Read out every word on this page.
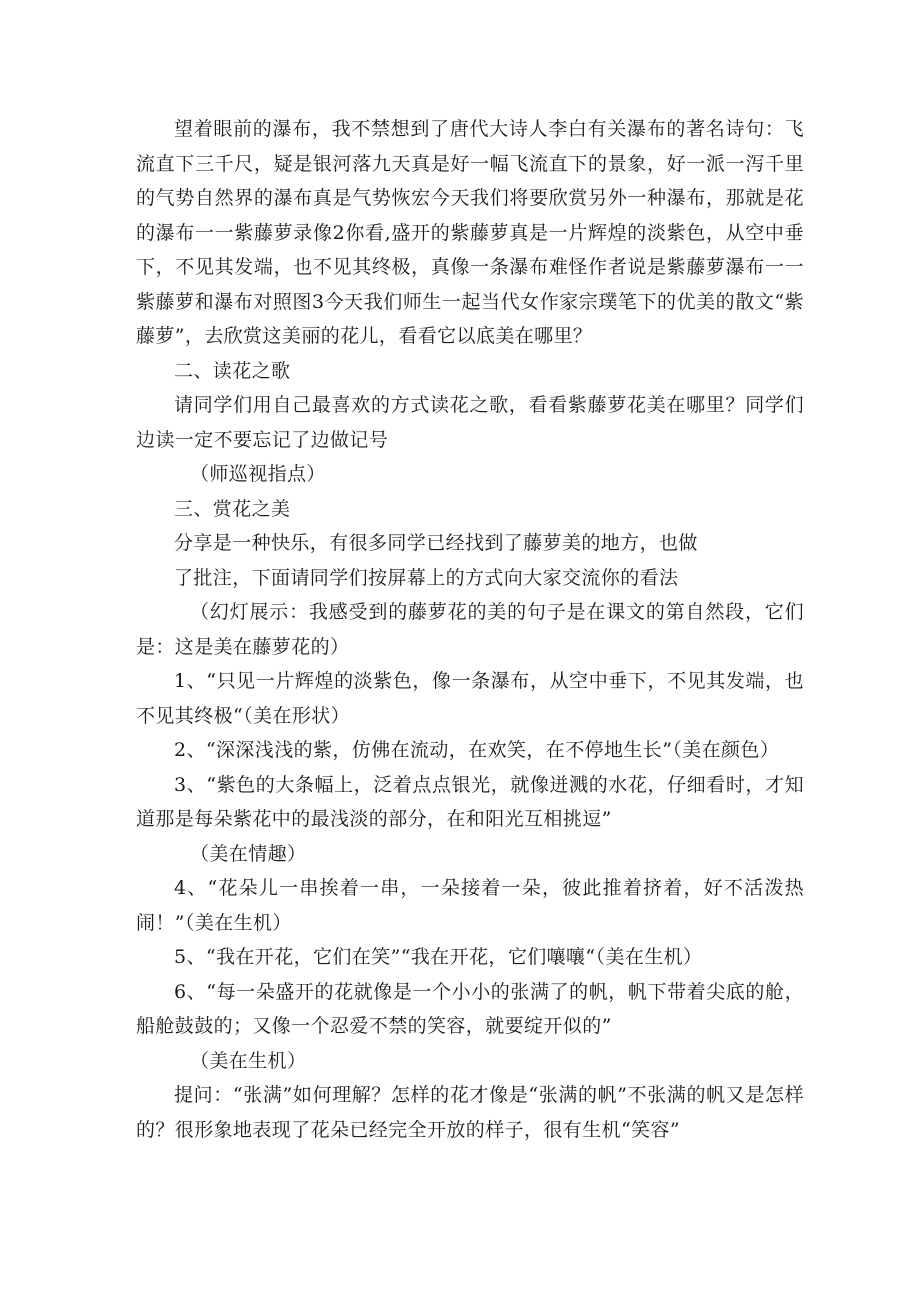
望着眼前的瀑布，我不禁想到了唐代大诗人李白有关瀑布的著名诗句：飞流直下三千尺，疑是银河落九天真是好一幅飞流直下的景象，好一派一泻千里的气势自然界的瀑布真是气势恢宏今天我们将要欣赏另外一种瀑布，那就是花的瀑布一一紫藤萝录像2你看,盛开的紫藤萝真是一片辉煌的淡紫色，从空中垂下，不见其发端，也不见其终极，真像一条瀑布难怪作者说是紫藤萝瀑布一一紫藤萝和瀑布对照图3今天我们师生一起当代女作家宗璞笔下的优美的散文“紫藤萝”，去欣赏这美丽的花儿，看看它以底美在哪里？

二、读花之歌

请同学们用自己最喜欢的方式读花之歌，看看紫藤萝花美在哪里？同学们边读一定不要忘记了边做记号

（师巡视指点）

三、赏花之美

分享是一种快乐，有很多同学已经找到了藤萝美的地方，也做

了批注，下面请同学们按屏幕上的方式向大家交流你的看法

（幻灯展示：我感受到的藤萝花的美的句子是在课文的第自然段，它们是：这是美在藤萝花的）

1、“只见一片辉煌的淡紫色，像一条瀑布，从空中垂下，不见其发端，也不见其终极“（美在形状）

2、“深深浅浅的紫，仿佛在流动，在欢笑，在不停地生长”（美在颜色）

3、“紫色的大条幅上，泛着点点银光，就像迸溅的水花，仔细看时，才知道那是每朵紫花中的最浅淡的部分，在和阳光互相挑逗”

（美在情趣）

4、“花朵儿一串挨着一串，一朵接着一朵，彼此推着挤着，好不活泼热闹！”（美在生机）

5、“我在开花，它们在笑”“我在开花，它们嚷嚷“（美在生机）

6、“每一朵盛开的花就像是一个小小的张满了的帆，帆下带着尖底的舱，船舱鼓鼓的；又像一个忍爱不禁的笑容，就要绽开似的”

（美在生机）

提问：“张满”如何理解？怎样的花才像是“张满的帆”不张满的帆又是怎样的？很形象地表现了花朵已经完全开放的样子，很有生机“笑容”
